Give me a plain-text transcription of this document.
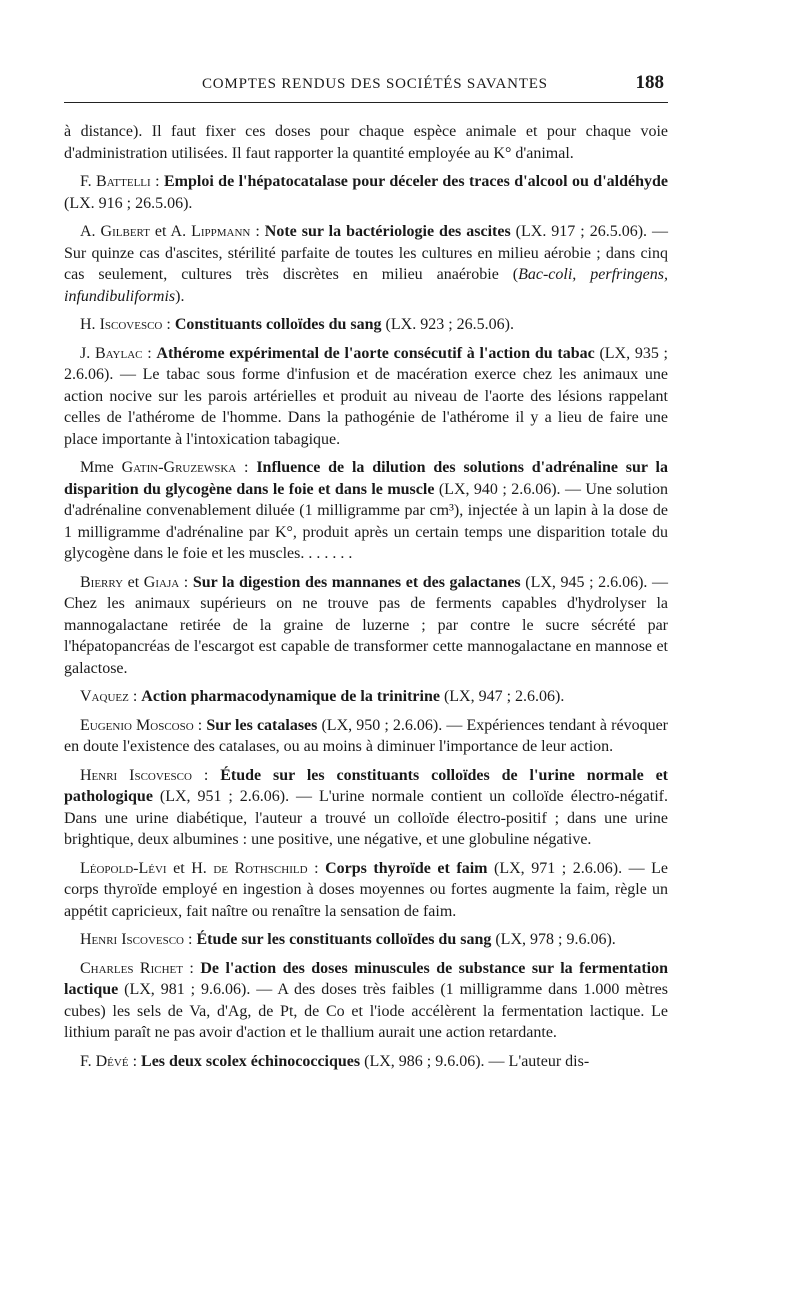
COMPTES RENDUS DES SOCIÉTÉS SAVANTES	188

à distance). Il faut fixer ces doses pour chaque espèce animale et pour chaque voie d'administration utilisées. Il faut rapporter la quantité employée au K° d'animal.

F. Battelli : Emploi de l'hépatocatalase pour déceler des traces d'alcool ou d'aldéhyde (LX. 916 ; 26.5.06).

A. Gilbert et A. Lippmann : Note sur la bactériologie des ascites (LX. 917 ; 26.5.06). — Sur quinze cas d'ascites, stérilité parfaite de toutes les cultures en milieu aérobie ; dans cinq cas seulement, cultures très discrètes en milieu anaérobie (Bac-coli, perfringens, infundibuliformis).

H. Iscovesco : Constituants colloïdes du sang (LX. 923 ; 26.5.06).

J. Baylac : Athérome expérimental de l'aorte consécutif à l'action du tabac (LX, 935 ; 2.6.06). — Le tabac sous forme d'infusion et de macération exerce chez les animaux une action nocive sur les parois artérielles et produit au niveau de l'aorte des lésions rappelant celles de l'athérome de l'homme. Dans la pathogénie de l'athérome il y a lieu de faire une place importante à l'intoxication tabagique.

Mme Gatin-Gruzewska : Influence de la dilution des solutions d'adrénaline sur la disparition du glycogène dans le foie et dans le muscle (LX, 940 ; 2.6.06). — Une solution d'adrénaline convenablement diluée (1 milligramme par cm³), injectée à un lapin à la dose de 1 milligramme d'adrénaline par K°, produit après un certain temps une disparition totale du glycogène dans le foie et les muscles. . . . . . .

Bierry et Giaja : Sur la digestion des mannanes et des galactanes (LX, 945 ; 2.6.06). — Chez les animaux supérieurs on ne trouve pas de ferments capables d'hydrolyser la mannogalactane retirée de la graine de luzerne ; par contre le sucre sécrété par l'hépatopancréas de l'escargot est capable de transformer cette mannogalactane en mannose et galactose.

Vaquez : Action pharmacodynamique de la trinitrine (LX, 947 ; 2.6.06).

Eugenio Moscoso : Sur les catalases (LX, 950 ; 2.6.06). — Expériences tendant à révoquer en doute l'existence des catalases, ou au moins à diminuer l'importance de leur action.

Henri Iscovesco : Étude sur les constituants colloïdes de l'urine normale et pathologique (LX, 951 ; 2.6.06). — L'urine normale contient un colloïde électro-négatif. Dans une urine diabétique, l'auteur a trouvé un colloïde électro-positif ; dans une urine brightique, deux albumines : une positive, une négative, et une globuline négative.

Léopold-Lévi et H. de Rothschild : Corps thyroïde et faim (LX, 971 ; 2.6.06). — Le corps thyroïde employé en ingestion à doses moyennes ou fortes augmente la faim, règle un appétit capricieux, fait naître ou renaître la sensation de faim.

Henri Iscovesco : Étude sur les constituants colloïdes du sang (LX, 978 ; 9.6.06).

Charles Richet : De l'action des doses minuscules de substance sur la fermentation lactique (LX, 981 ; 9.6.06). — A des doses très faibles (1 milligramme dans 1.000 mètres cubes) les sels de Va, d'Ag, de Pt, de Co et l'iode accélèrent la fermentation lactique. Le lithium paraît ne pas avoir d'action et le thallium aurait une action retardante.

F. Dévé : Les deux scolex échinococciques (LX, 986 ; 9.6.06). — L'auteur dis-
